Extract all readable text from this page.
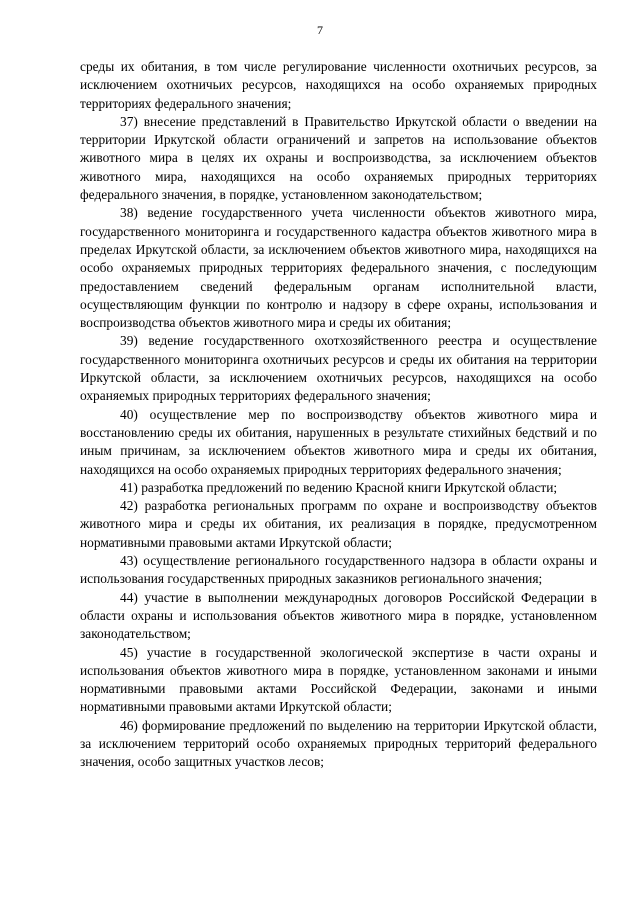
7

среды их обитания, в том числе регулирование численности охотничьих ресурсов, за исключением охотничьих ресурсов, находящихся на особо охраняемых природных территориях федерального значения;

37) внесение представлений в Правительство Иркутской области о введении на территории Иркутской области ограничений и запретов на использование объектов животного мира в целях их охраны и воспроизводства, за исключением объектов животного мира, находящихся на особо охраняемых природных территориях федерального значения, в порядке, установленном законодательством;

38) ведение государственного учета численности объектов животного мира, государственного мониторинга и государственного кадастра объектов животного мира в пределах Иркутской области, за исключением объектов животного мира, находящихся на особо охраняемых природных территориях федерального значения, с последующим предоставлением сведений федеральным органам исполнительной власти, осуществляющим функции по контролю и надзору в сфере охраны, использования и воспроизводства объектов животного мира и среды их обитания;

39) ведение государственного охотхозяйственного реестра и осуществление государственного мониторинга охотничьих ресурсов и среды их обитания на территории Иркутской области, за исключением охотничьих ресурсов, находящихся на особо охраняемых природных территориях федерального значения;

40) осуществление мер по воспроизводству объектов животного мира и восстановлению среды их обитания, нарушенных в результате стихийных бедствий и по иным причинам, за исключением объектов животного мира и среды их обитания, находящихся на особо охраняемых природных территориях федерального значения;

41) разработка предложений по ведению Красной книги Иркутской области;

42) разработка региональных программ по охране и воспроизводству объектов животного мира и среды их обитания, их реализация в порядке, предусмотренном нормативными правовыми актами Иркутской области;

43) осуществление регионального государственного надзора в области охраны и использования государственных природных заказников регионального значения;

44) участие в выполнении международных договоров Российской Федерации в области охраны и использования объектов животного мира в порядке, установленном законодательством;

45) участие в государственной экологической экспертизе в части охраны и использования объектов животного мира в порядке, установленном законами и иными нормативными правовыми актами Российской Федерации, законами и иными нормативными правовыми актами Иркутской области;

46) формирование предложений по выделению на территории Иркутской области, за исключением территорий особо охраняемых природных территорий федерального значения, особо защитных участков лесов;
